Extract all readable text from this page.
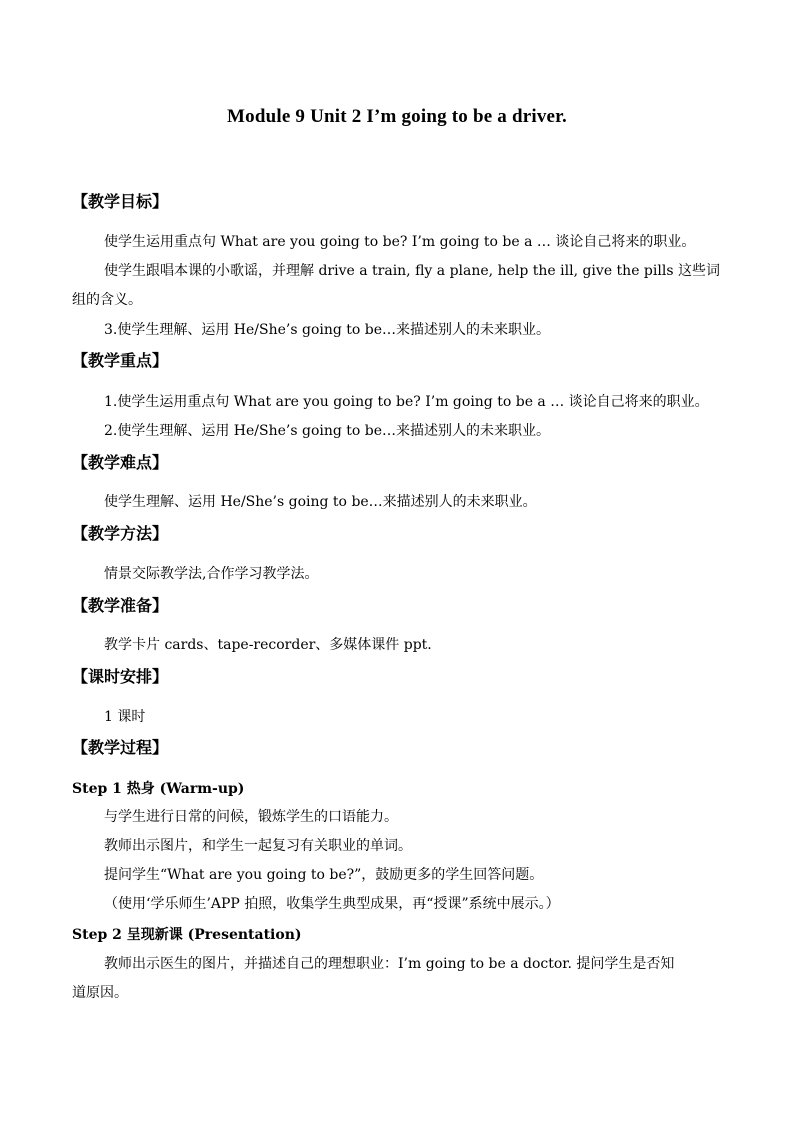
Module 9 Unit 2 I’m going to be a driver.
【教学目标】
使学生运用重点句 What are you going to be? I’m going to be a … 谈论自己将来的职业。
使学生跟唱本课的小歌谣，并理解 drive a train, fly a plane, help the ill, give the pills 这些词
组的含义。
3.使学生理解、运用 He/She’s going to be…来描述别人的未来职业。
【教学重点】
1.使学生运用重点句 What are you going to be? I’m going to be a … 谈论自己将来的职业。
2.使学生理解、运用 He/She’s going to be…来描述别人的未来职业。
【教学难点】
使学生理解、运用 He/She’s going to be…来描述别人的未来职业。
【教学方法】
情景交际教学法,合作学习教学法。
【教学准备】
教学卡片 cards、tape-recorder、多媒体课件 ppt.
【课时安排】
1 课时
【教学过程】
Step 1 热身 (Warm-up)
与学生进行日常的问候，锻炼学生的口语能力。
教师出示图片，和学生一起复习有关职业的单词。
提问学生“What are you going to be?”，鼓励更多的学生回答问题。
（使用‘学乐师生’APP 拍照，收集学生典型成果，再“授课”系统中展示。）
Step 2 呈现新课 (Presentation)
教师出示医生的图片，并描述自己的理想职业：I’m going to be a doctor. 提问学生是否知
道原因。
